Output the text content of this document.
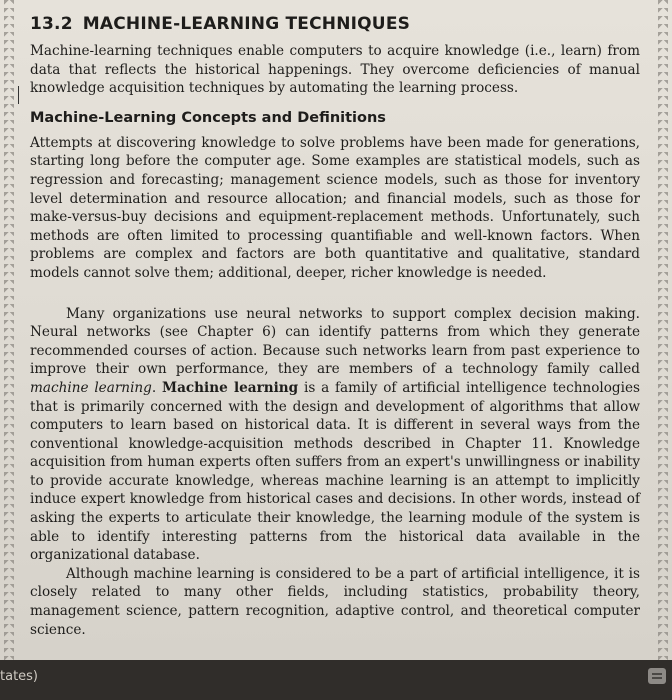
13.2 MACHINE-LEARNING TECHNIQUES

Machine-learning techniques enable computers to acquire knowledge (i.e., learn) from data that reflects the historical happenings. They overcome deficiencies of manual knowledge acquisition techniques by automating the learning process.

Machine-Learning Concepts and Definitions

Attempts at discovering knowledge to solve problems have been made for generations, starting long before the computer age. Some examples are statistical models, such as regression and forecasting; management science models, such as those for inventory level determination and resource allocation; and financial models, such as those for make-versus-buy decisions and equipment-replacement methods. Unfortunately, such methods are often limited to processing quantifiable and well-known factors. When problems are complex and factors are both quantitative and qualitative, standard models cannot solve them; additional, deeper, richer knowledge is needed.

Many organizations use neural networks to support complex decision making. Neural networks (see Chapter 6) can identify patterns from which they generate recommended courses of action. Because such networks learn from past experience to improve their own performance, they are members of a technology family called machine learning. Machine learning is a family of artificial intelligence technologies that is primarily concerned with the design and development of algorithms that allow computers to learn based on historical data. It is different in several ways from the conventional knowledge-acquisition methods described in Chapter 11. Knowledge acquisition from human experts often suffers from an expert's unwillingness or inability to provide accurate knowledge, whereas machine learning is an attempt to implicitly induce expert knowledge from historical cases and decisions. In other words, instead of asking the experts to articulate their knowledge, the learning module of the system is able to identify interesting patterns from the historical data available in the organizational database.

Although machine learning is considered to be a part of artificial intelligence, it is closely related to many other fields, including statistics, probability theory, management science, pattern recognition, adaptive control, and theoretical computer science.

tates)
